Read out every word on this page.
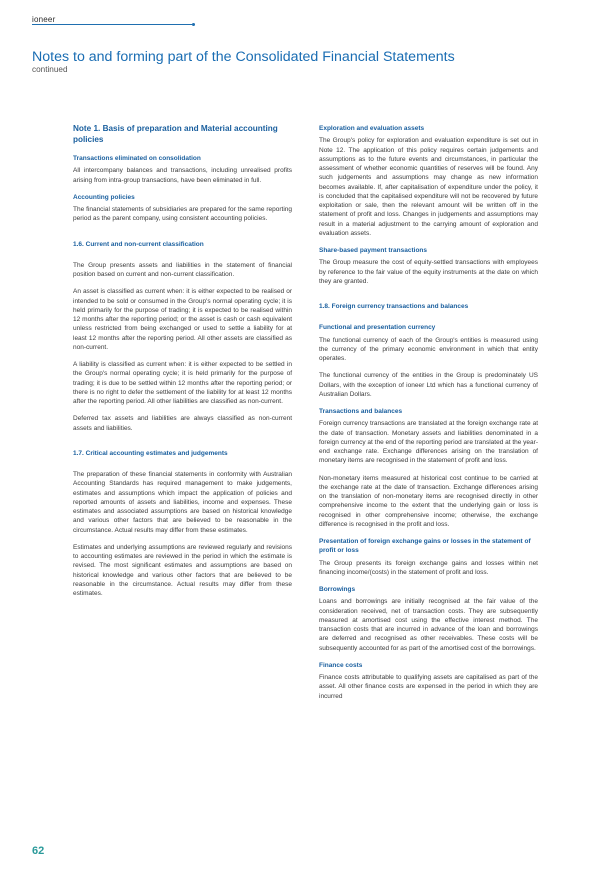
ioneer
Notes to and forming part of the Consolidated Financial Statements
continued
Note 1. Basis of preparation and Material accounting policies
Transactions eliminated on consolidation
All intercompany balances and transactions, including unrealised profits arising from intra-group transactions, have been eliminated in full.
Accounting policies
The financial statements of subsidiaries are prepared for the same reporting period as the parent company, using consistent accounting policies.
1.6. Current and non-current classification
The Group presents assets and liabilities in the statement of financial position based on current and non-current classification.
An asset is classified as current when: it is either expected to be realised or intended to be sold or consumed in the Group's normal operating cycle; it is held primarily for the purpose of trading; it is expected to be realised within 12 months after the reporting period; or the asset is cash or cash equivalent unless restricted from being exchanged or used to settle a liability for at least 12 months after the reporting period. All other assets are classified as non-current.
A liability is classified as current when: it is either expected to be settled in the Group's normal operating cycle; it is held primarily for the purpose of trading; it is due to be settled within 12 months after the reporting period; or there is no right to defer the settlement of the liability for at least 12 months after the reporting period. All other liabilities are classified as non-current.
Deferred tax assets and liabilities are always classified as non-current assets and liabilities.
1.7. Critical accounting estimates and judgements
The preparation of these financial statements in conformity with Australian Accounting Standards has required management to make judgements, estimates and assumptions which impact the application of policies and reported amounts of assets and liabilities, income and expenses. These estimates and associated assumptions are based on historical knowledge and various other factors that are believed to be reasonable in the circumstance. Actual results may differ from these estimates.
Estimates and underlying assumptions are reviewed regularly and revisions to accounting estimates are reviewed in the period in which the estimate is revised. The most significant estimates and assumptions are based on historical knowledge and various other factors that are believed to be reasonable in the circumstance. Actual results may differ from these estimates.
Exploration and evaluation assets
The Group's policy for exploration and evaluation expenditure is set out in Note 12. The application of this policy requires certain judgements and assumptions as to the future events and circumstances, in particular the assessment of whether economic quantities of reserves will be found. Any such judgements and assumptions may change as new information becomes available. If, after capitalisation of expenditure under the policy, it is concluded that the capitalised expenditure will not be recovered by future exploitation or sale, then the relevant amount will be written off in the statement of profit and loss. Changes in judgements and assumptions may result in a material adjustment to the carrying amount of exploration and evaluation assets.
Share-based payment transactions
The Group measure the cost of equity-settled transactions with employees by reference to the fair value of the equity instruments at the date on which they are granted.
1.8. Foreign currency transactions and balances
Functional and presentation currency
The functional currency of each of the Group's entities is measured using the currency of the primary economic environment in which that entity operates.
The functional currency of the entities in the Group is predominately US Dollars, with the exception of ioneer Ltd which has a functional currency of Australian Dollars.
Transactions and balances
Foreign currency transactions are translated at the foreign exchange rate at the date of transaction. Monetary assets and liabilities denominated in a foreign currency at the end of the reporting period are translated at the year-end exchange rate. Exchange differences arising on the translation of monetary items are recognised in the statement of profit and loss.
Non-monetary items measured at historical cost continue to be carried at the exchange rate at the date of transaction. Exchange differences arising on the translation of non-monetary items are recognised directly in other comprehensive income to the extent that the underlying gain or loss is recognised in other comprehensive income; otherwise, the exchange difference is recognised in the profit and loss.
Presentation of foreign exchange gains or losses in the statement of profit or loss
The Group presents its foreign exchange gains and losses within net financing income/(costs) in the statement of profit and loss.
Borrowings
Loans and borrowings are initially recognised at the fair value of the consideration received, net of transaction costs. They are subsequently measured at amortised cost using the effective interest method. The transaction costs that are incurred in advance of the loan and borrowings are deferred and recognised as other receivables. These costs will be subsequently accounted for as part of the amortised cost of the borrowings.
Finance costs
Finance costs attributable to qualifying assets are capitalised as part of the asset. All other finance costs are expensed in the period in which they are incurred
62
